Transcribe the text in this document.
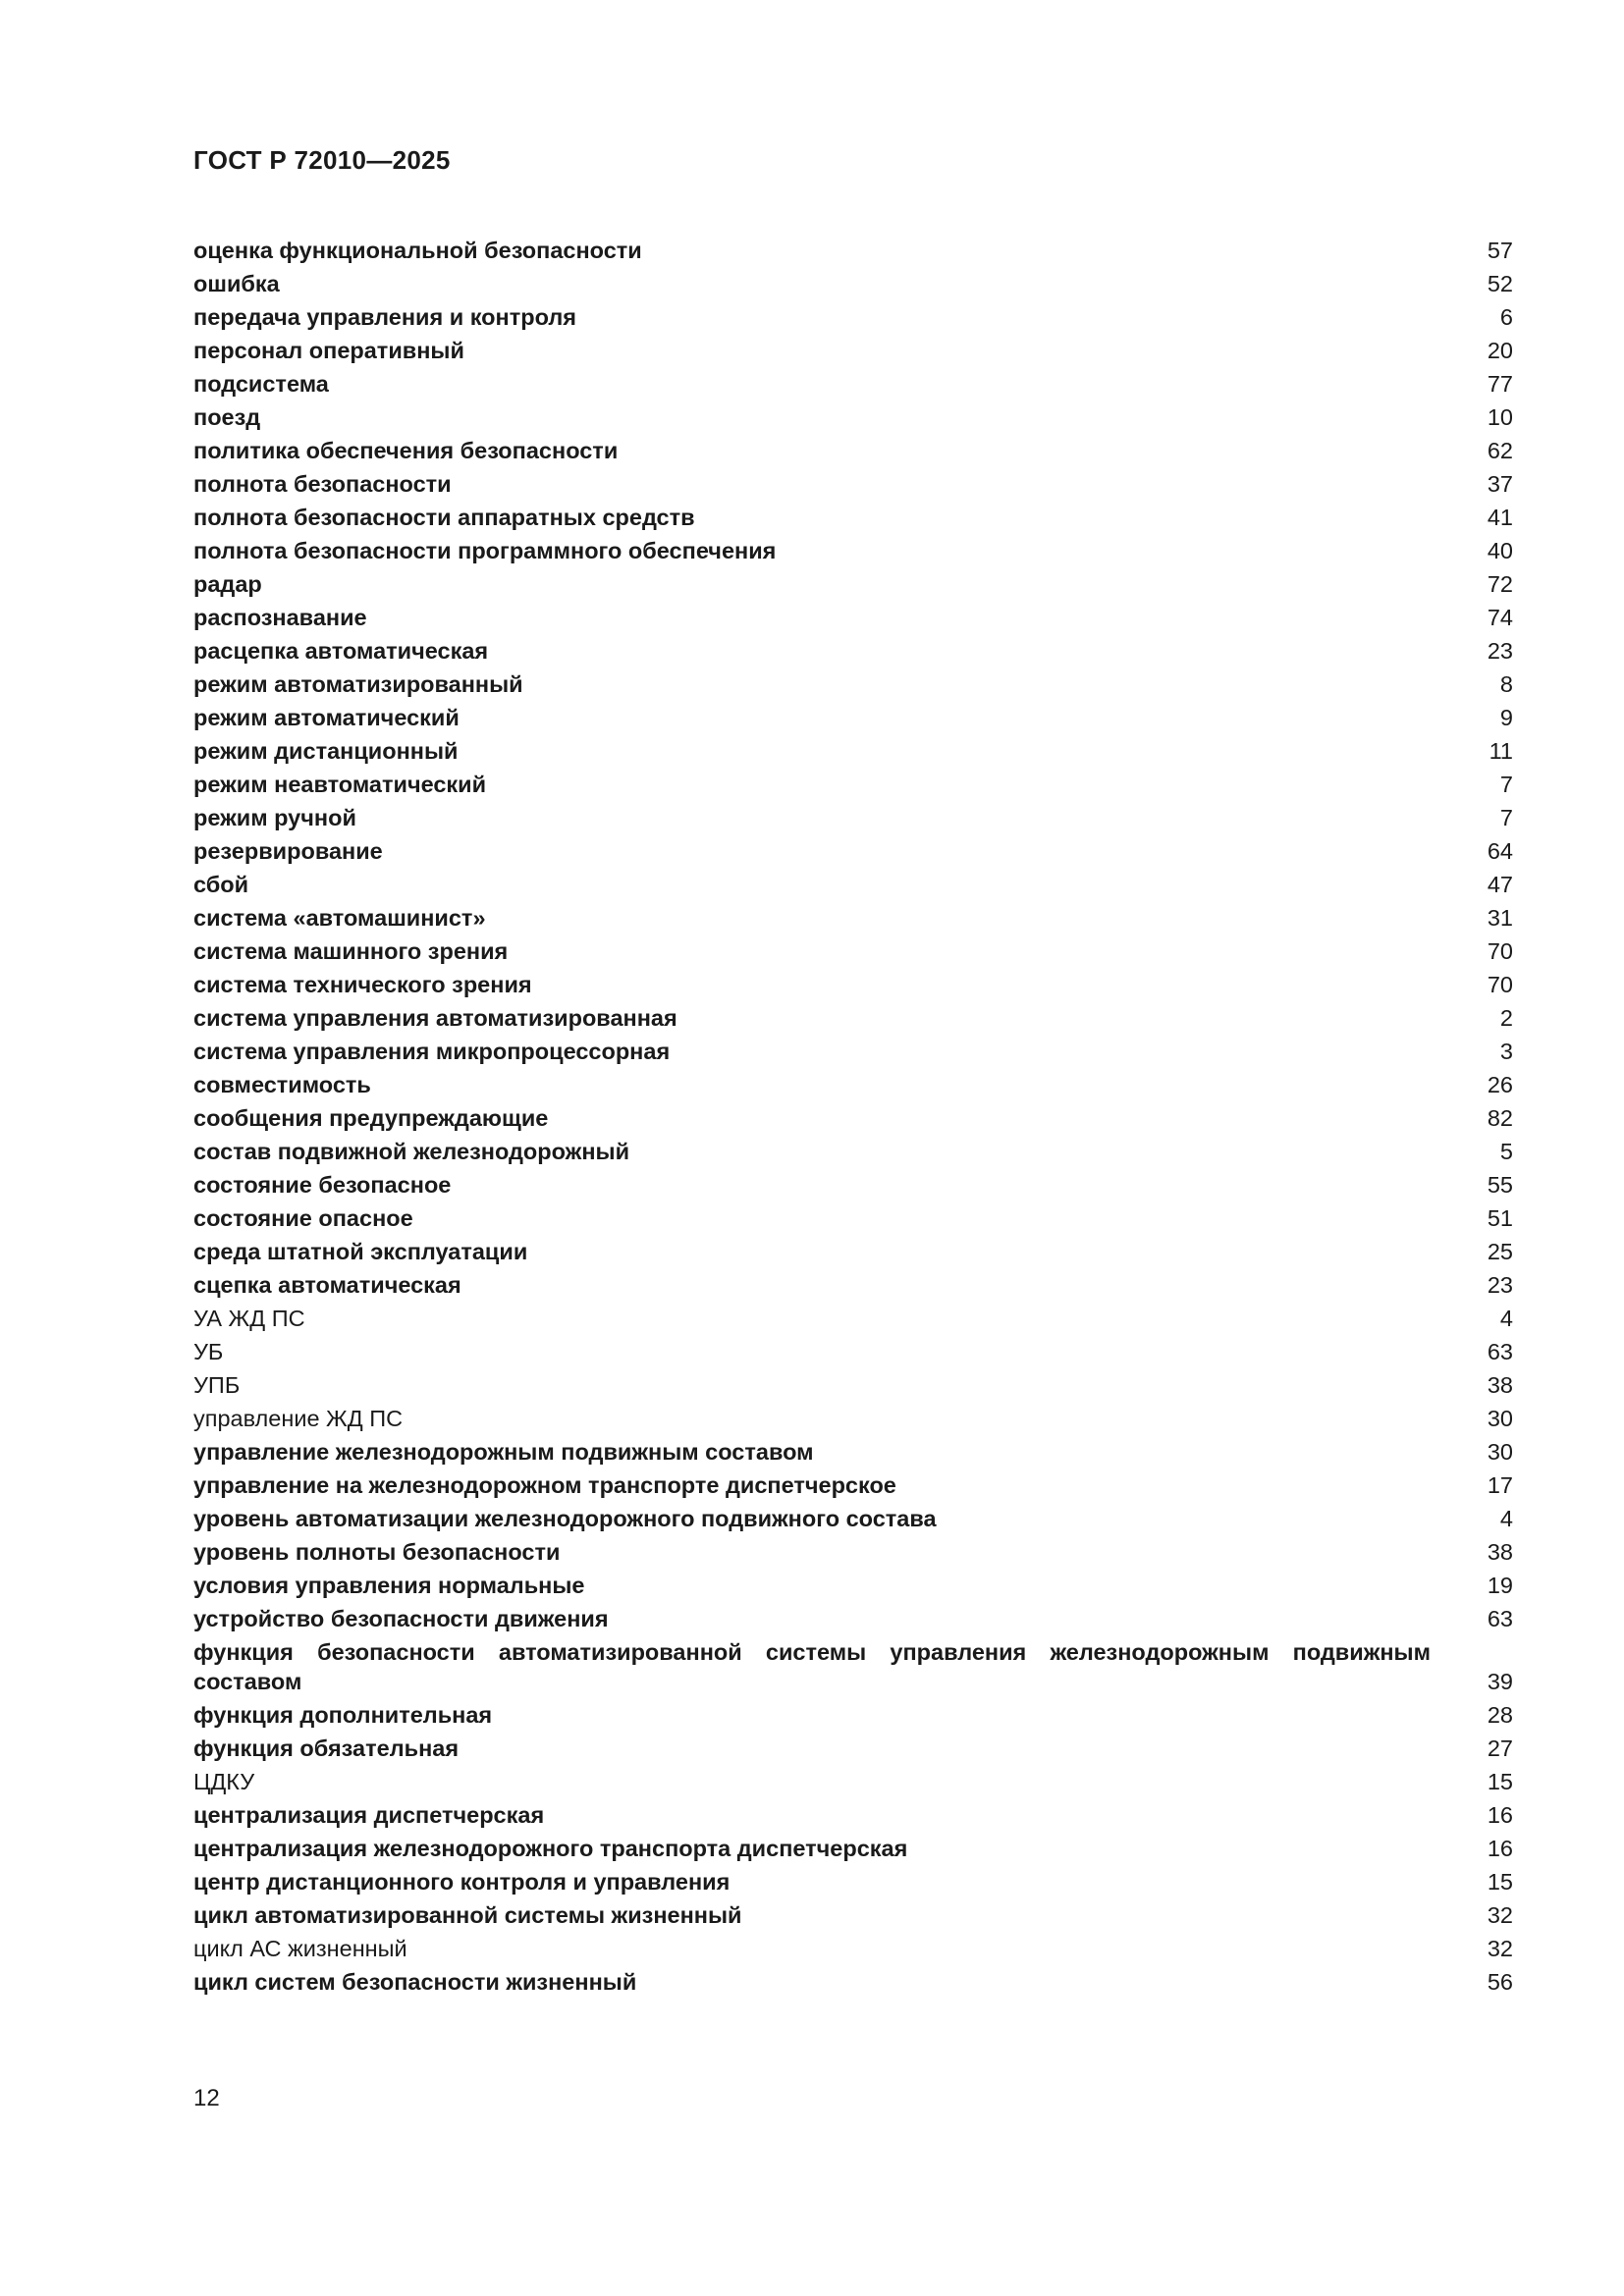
ГОСТ Р 72010—2025
оценка функциональной безопасности	57
ошибка	52
передача управления и контроля	6
персонал оперативный	20
подсистема	77
поезд	10
политика обеспечения безопасности	62
полнота безопасности	37
полнота безопасности аппаратных средств	41
полнота безопасности программного обеспечения	40
радар	72
распознавание	74
расцепка автоматическая	23
режим автоматизированный	8
режим автоматический	9
режим дистанционный	11
режим неавтоматический	7
режим ручной	7
резервирование	64
сбой	47
система «автомашинист»	31
система машинного зрения	70
система технического зрения	70
система управления автоматизированная	2
система управления микропроцессорная	3
совместимость	26
сообщения предупреждающие	82
состав подвижной железнодорожный	5
состояние безопасное	55
состояние опасное	51
среда штатной эксплуатации	25
сцепка автоматическая	23
УА ЖД ПС	4
УБ	63
УПБ	38
управление ЖД ПС	30
управление железнодорожным подвижным составом	30
управление на железнодорожном транспорте диспетчерское	17
уровень автоматизации железнодорожного подвижного состава	4
уровень полноты безопасности	38
условия управления нормальные	19
устройство безопасности движения	63
функция безопасности автоматизированной системы управления железнодорожным подвижным составом	39
функция дополнительная	28
функция обязательная	27
ЦДКУ	15
централизация диспетчерская	16
централизация железнодорожного транспорта диспетчерская	16
центр дистанционного контроля и управления	15
цикл автоматизированной системы жизненный	32
цикл АС жизненный	32
цикл систем безопасности жизненный	56
12
